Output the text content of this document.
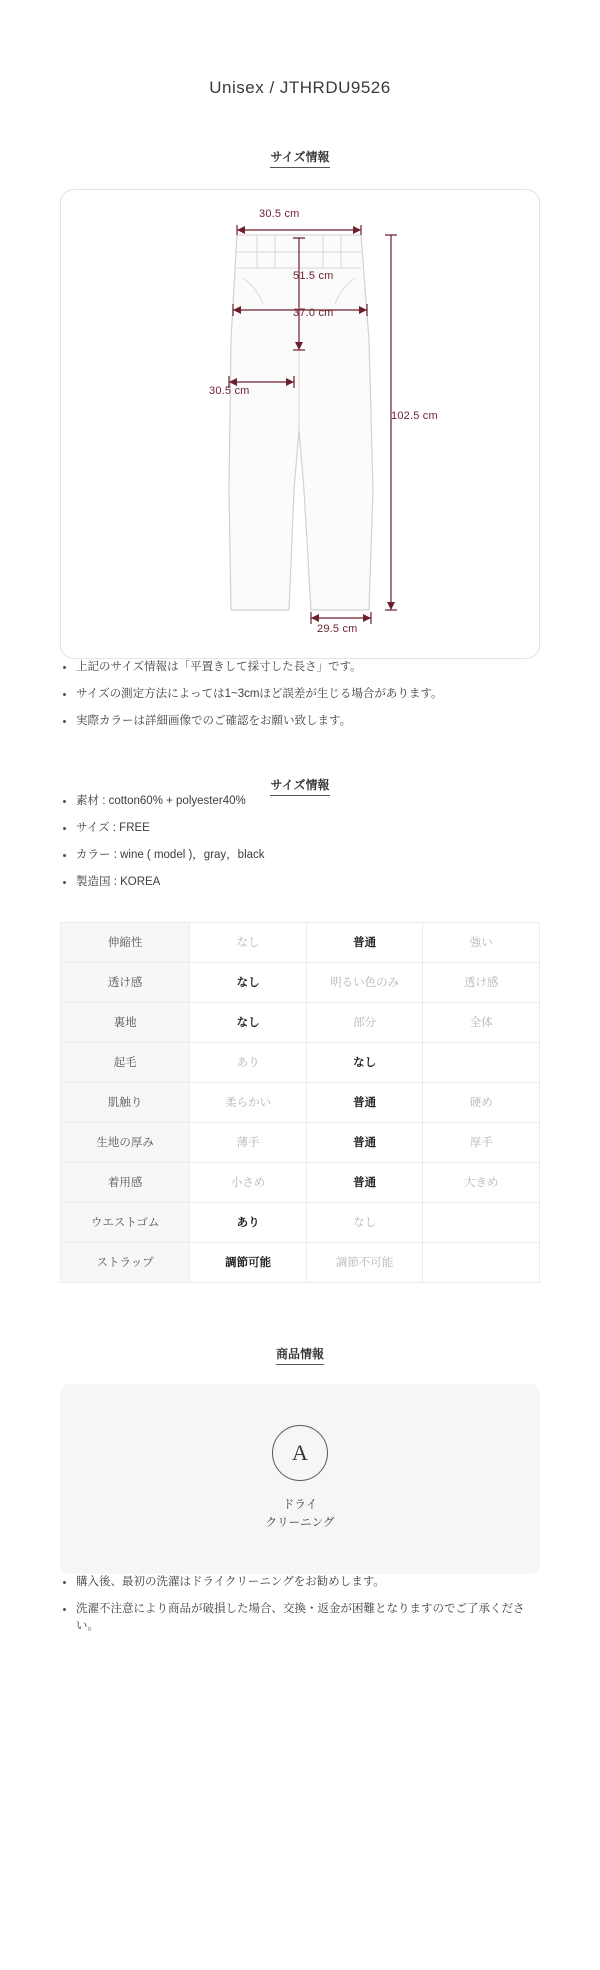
Unisex / JTHRDU9526

サイズ情報

30.5 cm
51.5 cm
37.0 cm
30.5 cm
102.5 cm
29.5 cm
上記のサイズ情報は「平置きして採寸した長さ」です。
サイズの測定方法によっては1~3cmほど誤差が生じる場合があります。
実際カラーは詳細画像でのご確認をお願い致します。

サイズ情報

素材 : cotton60% + polyester40%
サイズ : FREE
カラー : wine ( model )，gray，black
製造国 : KOREA
伸縮性	なし	普通	強い
透け感	なし	明るい色のみ	透け感
裏地	なし	部分	全体
起毛	あり	なし	
肌触り	柔らかい	普通	硬め
生地の厚み	薄手	普通	厚手
着用感	小さめ	普通	大きめ
ウエストゴム	あり	なし	
ストラップ	調節可能	調節不可能	

商品情報

A
ドライ
クリーニング
購入後、最初の洗濯はドライクリーニングをお勧めします。
洗濯不注意により商品が破損した場合、交換・返金が困難となりますのでご了承ください。
